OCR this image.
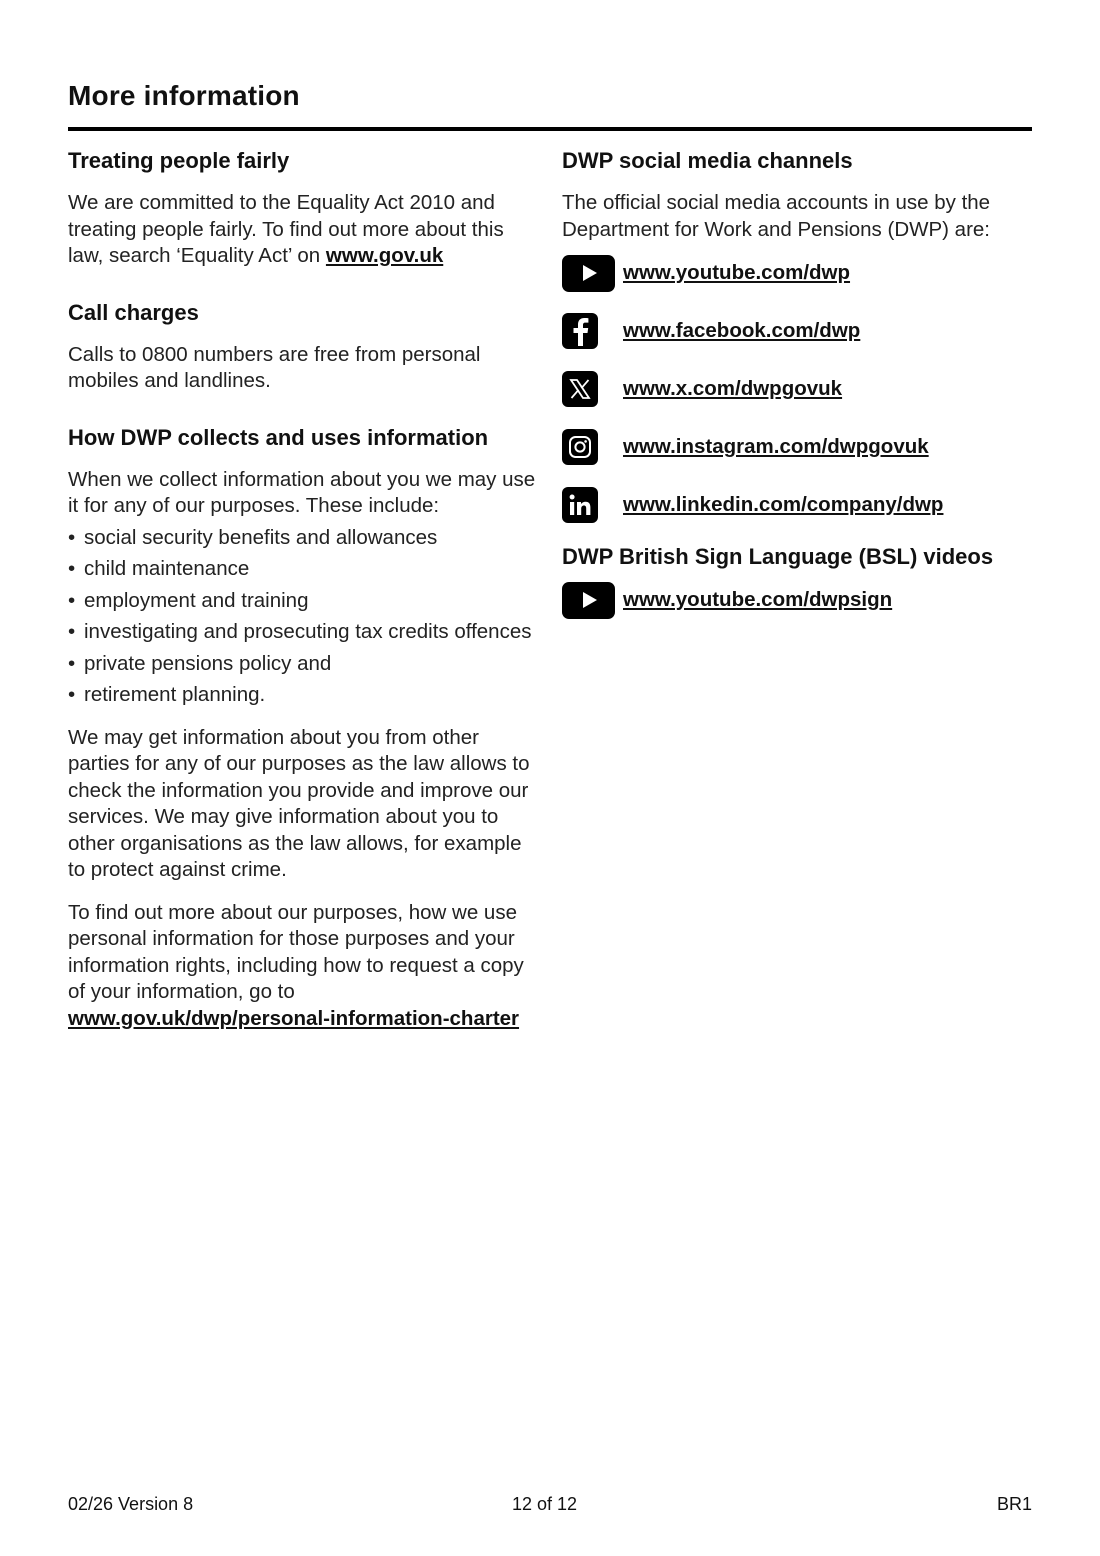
More information
Treating people fairly

We are committed to the Equality Act 2010 and treating people fairly. To find out more about this law, search ‘Equality Act’ on www.gov.uk

Call charges

Calls to 0800 numbers are free from personal mobiles and landlines.

How DWP collects and uses information

When we collect information about you we may use it for any of our purposes. These include:

• social security benefits and allowances
• child maintenance
• employment and training
• investigating and prosecuting tax credits offences
• private pensions policy and
• retirement planning.

We may get information about you from other parties for any of our purposes as the law allows to check the information you provide and improve our services. We may give information about you to other organisations as the law allows, for example to protect against crime.

To find out more about our purposes, how we use personal information for those purposes and your information rights, including how to request a copy of your information, go to
www.gov.uk/dwp/personal-information-charter

DWP social media channels

The official social media accounts in use by the Department for Work and Pensions (DWP) are:

www.youtube.com/dwp
www.facebook.com/dwp
www.x.com/dwpgovuk
www.instagram.com/dwpgovuk
www.linkedin.com/company/dwp
DWP British Sign Language (BSL) videos
www.youtube.com/dwpsign
02/26 Version 8	12 of 12	BR1
